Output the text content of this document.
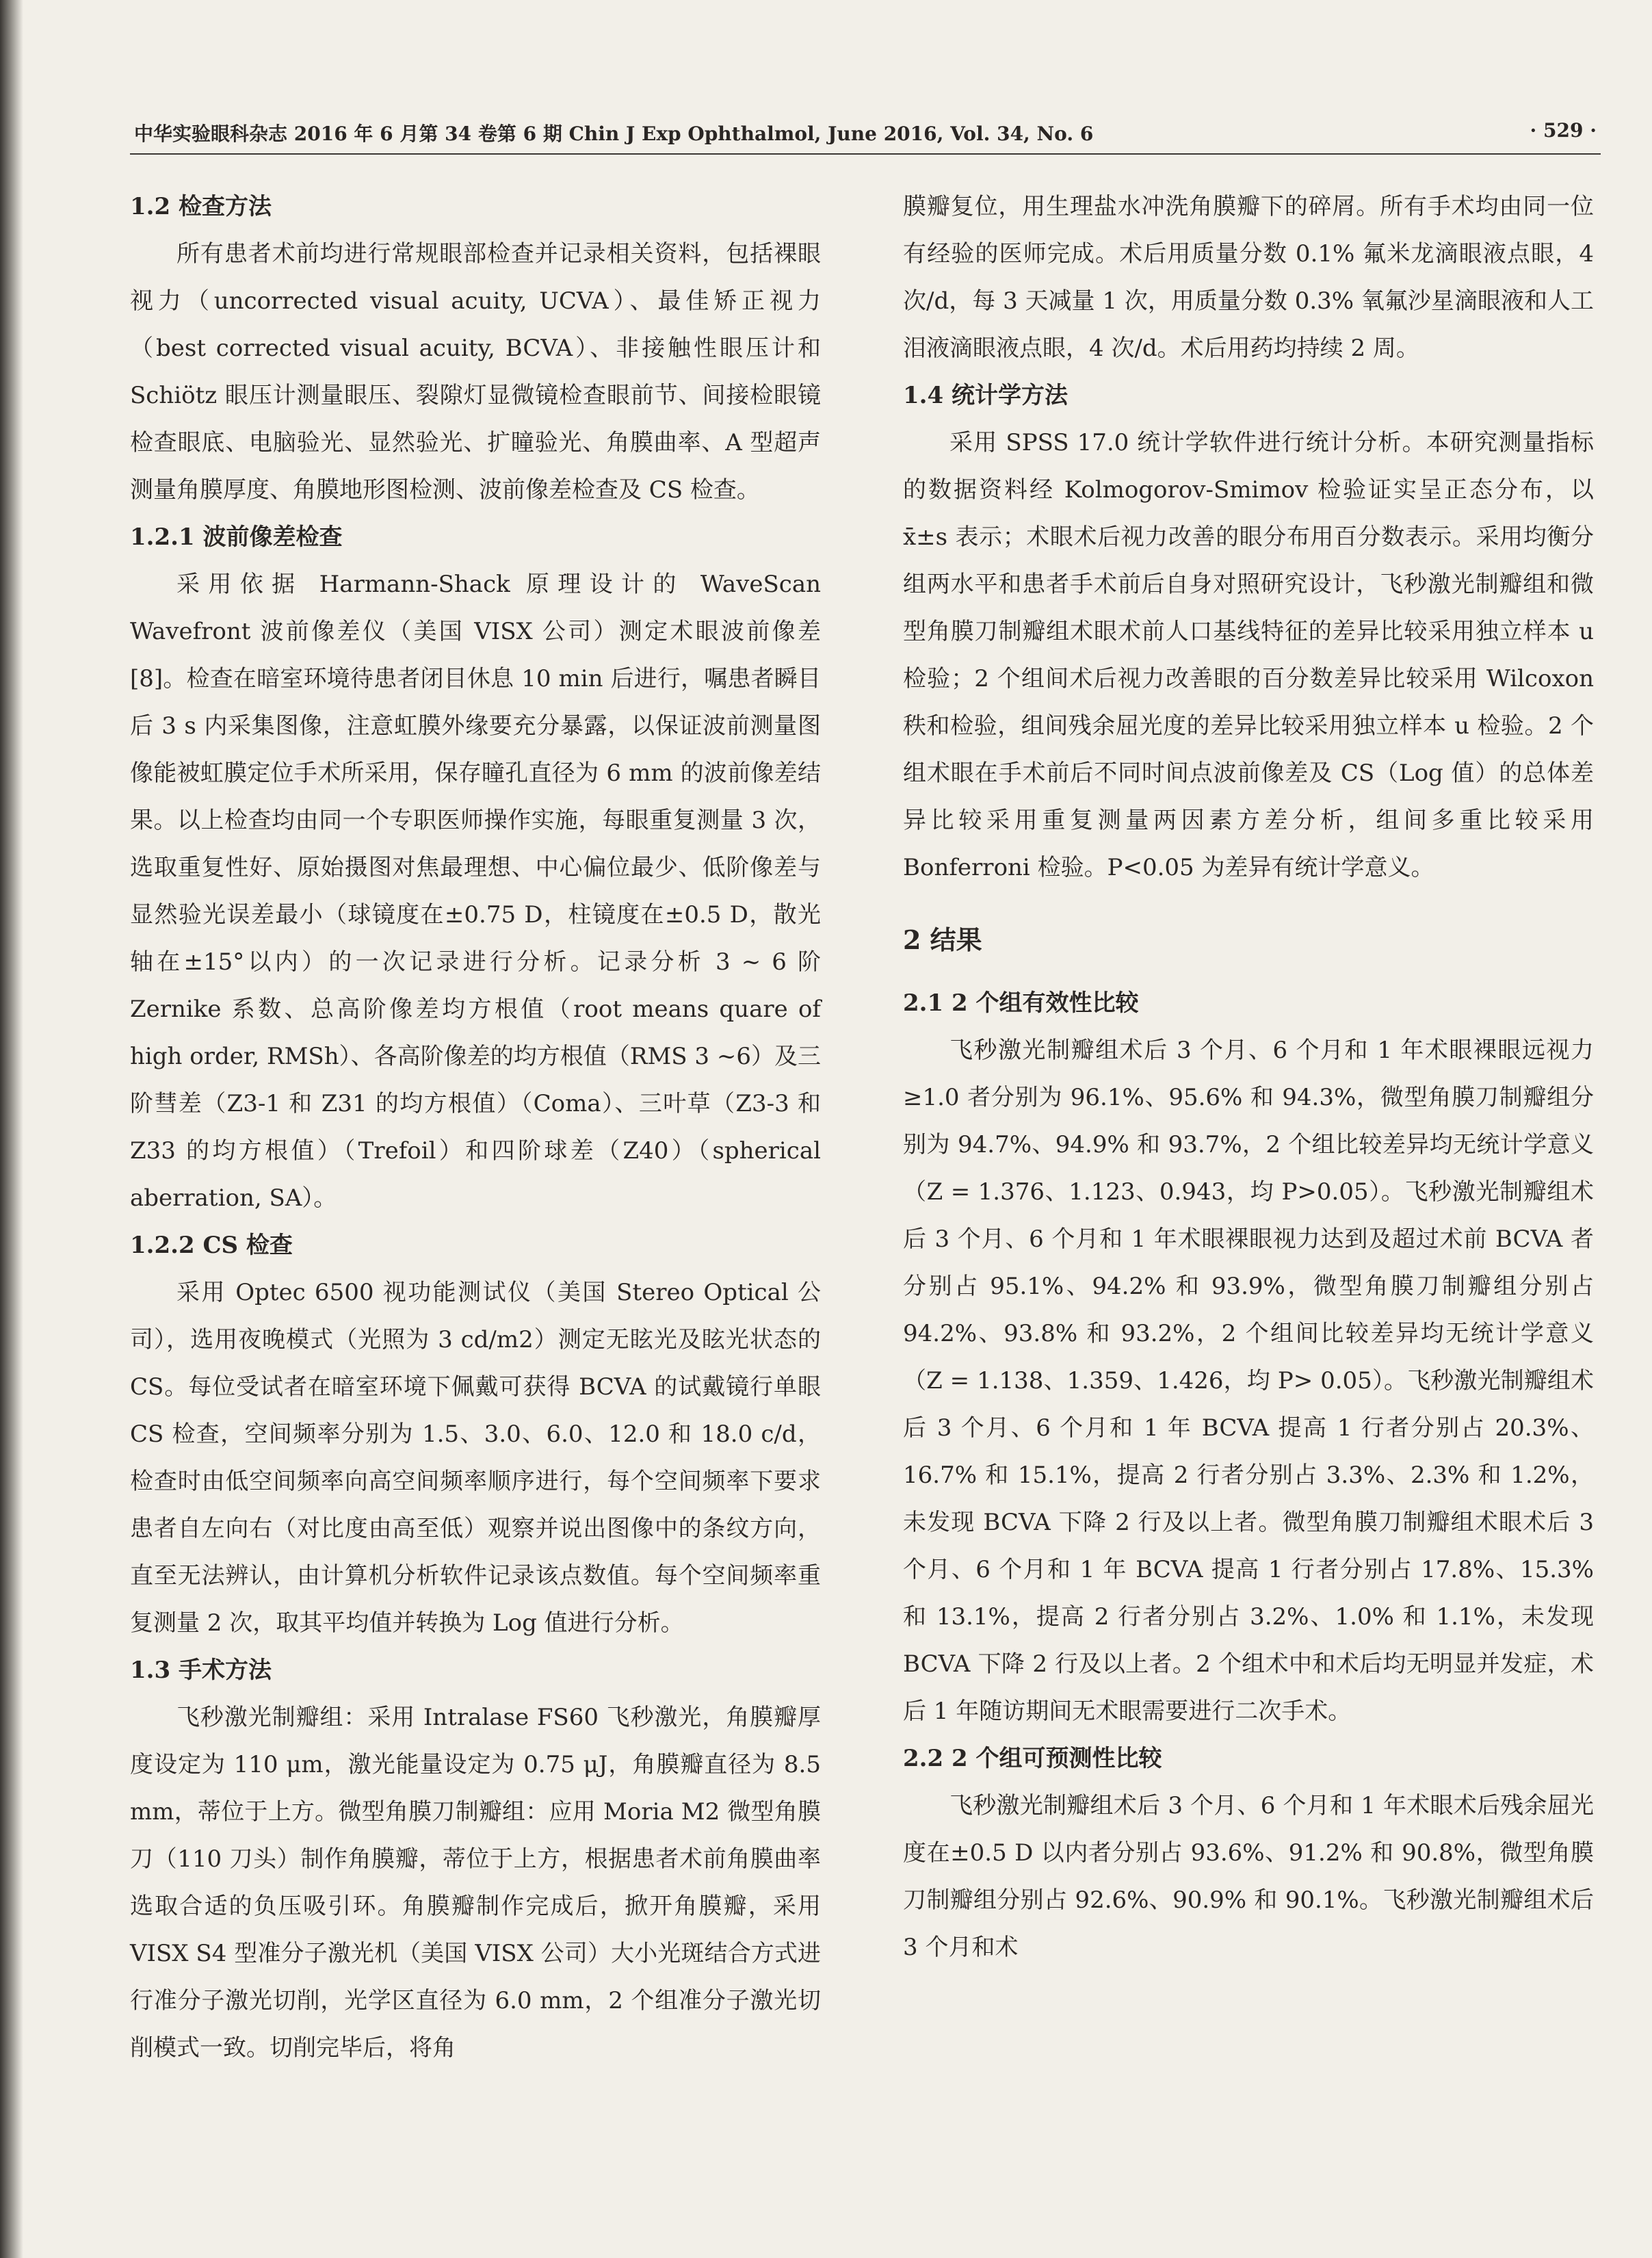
中华实验眼科杂志 2016 年 6 月第 34 卷第 6 期 Chin J Exp Ophthalmol, June 2016, Vol. 34, No. 6	· 529 ·
1.2 检查方法

所有患者术前均进行常规眼部检查并记录相关资料，包括裸眼视力（uncorrected visual acuity, UCVA）、最佳矫正视力（best corrected visual acuity, BCVA）、非接触性眼压计和 Schiötz 眼压计测量眼压、裂隙灯显微镜检查眼前节、间接检眼镜检查眼底、电脑验光、显然验光、扩瞳验光、角膜曲率、A 型超声测量角膜厚度、角膜地形图检测、波前像差检查及 CS 检查。

1.2.1 波前像差检查

采用依据 Harmann-Shack 原理设计的 WaveScan Wavefront 波前像差仪（美国 VISX 公司）测定术眼波前像差[8]。检查在暗室环境待患者闭目休息 10 min 后进行，嘱患者瞬目后 3 s 内采集图像，注意虹膜外缘要充分暴露，以保证波前测量图像能被虹膜定位手术所采用，保存瞳孔直径为 6 mm 的波前像差结果。以上检查均由同一个专职医师操作实施，每眼重复测量 3 次，选取重复性好、原始摄图对焦最理想、中心偏位最少、低阶像差与显然验光误差最小（球镜度在±0.75 D，柱镜度在±0.5 D，散光轴在±15°以内）的一次记录进行分析。记录分析 3 ~ 6 阶 Zernike 系数、总高阶像差均方根值（root means quare of high order, RMSh）、各高阶像差的均方根值（RMS 3 ~6）及三阶彗差（Z3-1 和 Z31 的均方根值）（Coma）、三叶草（Z3-3 和 Z33 的均方根值）（Trefoil）和四阶球差（Z40）（spherical aberration, SA）。

1.2.2 CS 检查

采用 Optec 6500 视功能测试仪（美国 Stereo Optical 公司），选用夜晚模式（光照为 3 cd/m2）测定无眩光及眩光状态的 CS。每位受试者在暗室环境下佩戴可获得 BCVA 的试戴镜行单眼 CS 检查，空间频率分别为 1.5、3.0、6.0、12.0 和 18.0 c/d，检查时由低空间频率向高空间频率顺序进行，每个空间频率下要求患者自左向右（对比度由高至低）观察并说出图像中的条纹方向，直至无法辨认，由计算机分析软件记录该点数值。每个空间频率重复测量 2 次，取其平均值并转换为 Log 值进行分析。

1.3 手术方法

飞秒激光制瓣组：采用 Intralase FS60 飞秒激光，角膜瓣厚度设定为 110 μm，激光能量设定为 0.75 μJ，角膜瓣直径为 8.5 mm，蒂位于上方。微型角膜刀制瓣组：应用 Moria M2 微型角膜刀（110 刀头）制作角膜瓣，蒂位于上方，根据患者术前角膜曲率选取合适的负压吸引环。角膜瓣制作完成后，掀开角膜瓣，采用 VISX S4 型准分子激光机（美国 VISX 公司）大小光斑结合方式进行准分子激光切削，光学区直径为 6.0 mm，2 个组准分子激光切削模式一致。切削完毕后，将角

膜瓣复位，用生理盐水冲洗角膜瓣下的碎屑。所有手术均由同一位有经验的医师完成。术后用质量分数 0.1% 氟米龙滴眼液点眼，4 次/d，每 3 天减量 1 次，用质量分数 0.3% 氧氟沙星滴眼液和人工泪液滴眼液点眼，4 次/d。术后用药均持续 2 周。

1.4 统计学方法

采用 SPSS 17.0 统计学软件进行统计分析。本研究测量指标的数据资料经 Kolmogorov-Smimov 检验证实呈正态分布，以 x̄±s 表示；术眼术后视力改善的眼分布用百分数表示。采用均衡分组两水平和患者手术前后自身对照研究设计，飞秒激光制瓣组和微型角膜刀制瓣组术眼术前人口基线特征的差异比较采用独立样本 u 检验；2 个组间术后视力改善眼的百分数差异比较采用 Wilcoxon 秩和检验，组间残余屈光度的差异比较采用独立样本 u 检验。2 个组术眼在手术前后不同时间点波前像差及 CS（Log 值）的总体差异比较采用重复测量两因素方差分析，组间多重比较采用 Bonferroni 检验。P<0.05 为差异有统计学意义。

2 结果
2.1 2 个组有效性比较

飞秒激光制瓣组术后 3 个月、6 个月和 1 年术眼裸眼远视力≥1.0 者分别为 96.1%、95.6% 和 94.3%，微型角膜刀制瓣组分别为 94.7%、94.9% 和 93.7%，2 个组比较差异均无统计学意义（Z = 1.376、1.123、0.943，均 P>0.05）。飞秒激光制瓣组术后 3 个月、6 个月和 1 年术眼裸眼视力达到及超过术前 BCVA 者分别占 95.1%、94.2% 和 93.9%，微型角膜刀制瓣组分别占 94.2%、93.8% 和 93.2%，2 个组间比较差异均无统计学意义（Z = 1.138、1.359、1.426，均 P> 0.05）。飞秒激光制瓣组术后 3 个月、6 个月和 1 年 BCVA 提高 1 行者分别占 20.3%、16.7% 和 15.1%，提高 2 行者分别占 3.3%、2.3% 和 1.2%，未发现 BCVA 下降 2 行及以上者。微型角膜刀制瓣组术眼术后 3 个月、6 个月和 1 年 BCVA 提高 1 行者分别占 17.8%、15.3% 和 13.1%，提高 2 行者分别占 3.2%、1.0% 和 1.1%，未发现 BCVA 下降 2 行及以上者。2 个组术中和术后均无明显并发症，术后 1 年随访期间无术眼需要进行二次手术。

2.2 2 个组可预测性比较

飞秒激光制瓣组术后 3 个月、6 个月和 1 年术眼术后残余屈光度在±0.5 D 以内者分别占 93.6%、91.2% 和 90.8%，微型角膜刀制瓣组分别占 92.6%、90.9% 和 90.1%。飞秒激光制瓣组术后 3 个月和术
